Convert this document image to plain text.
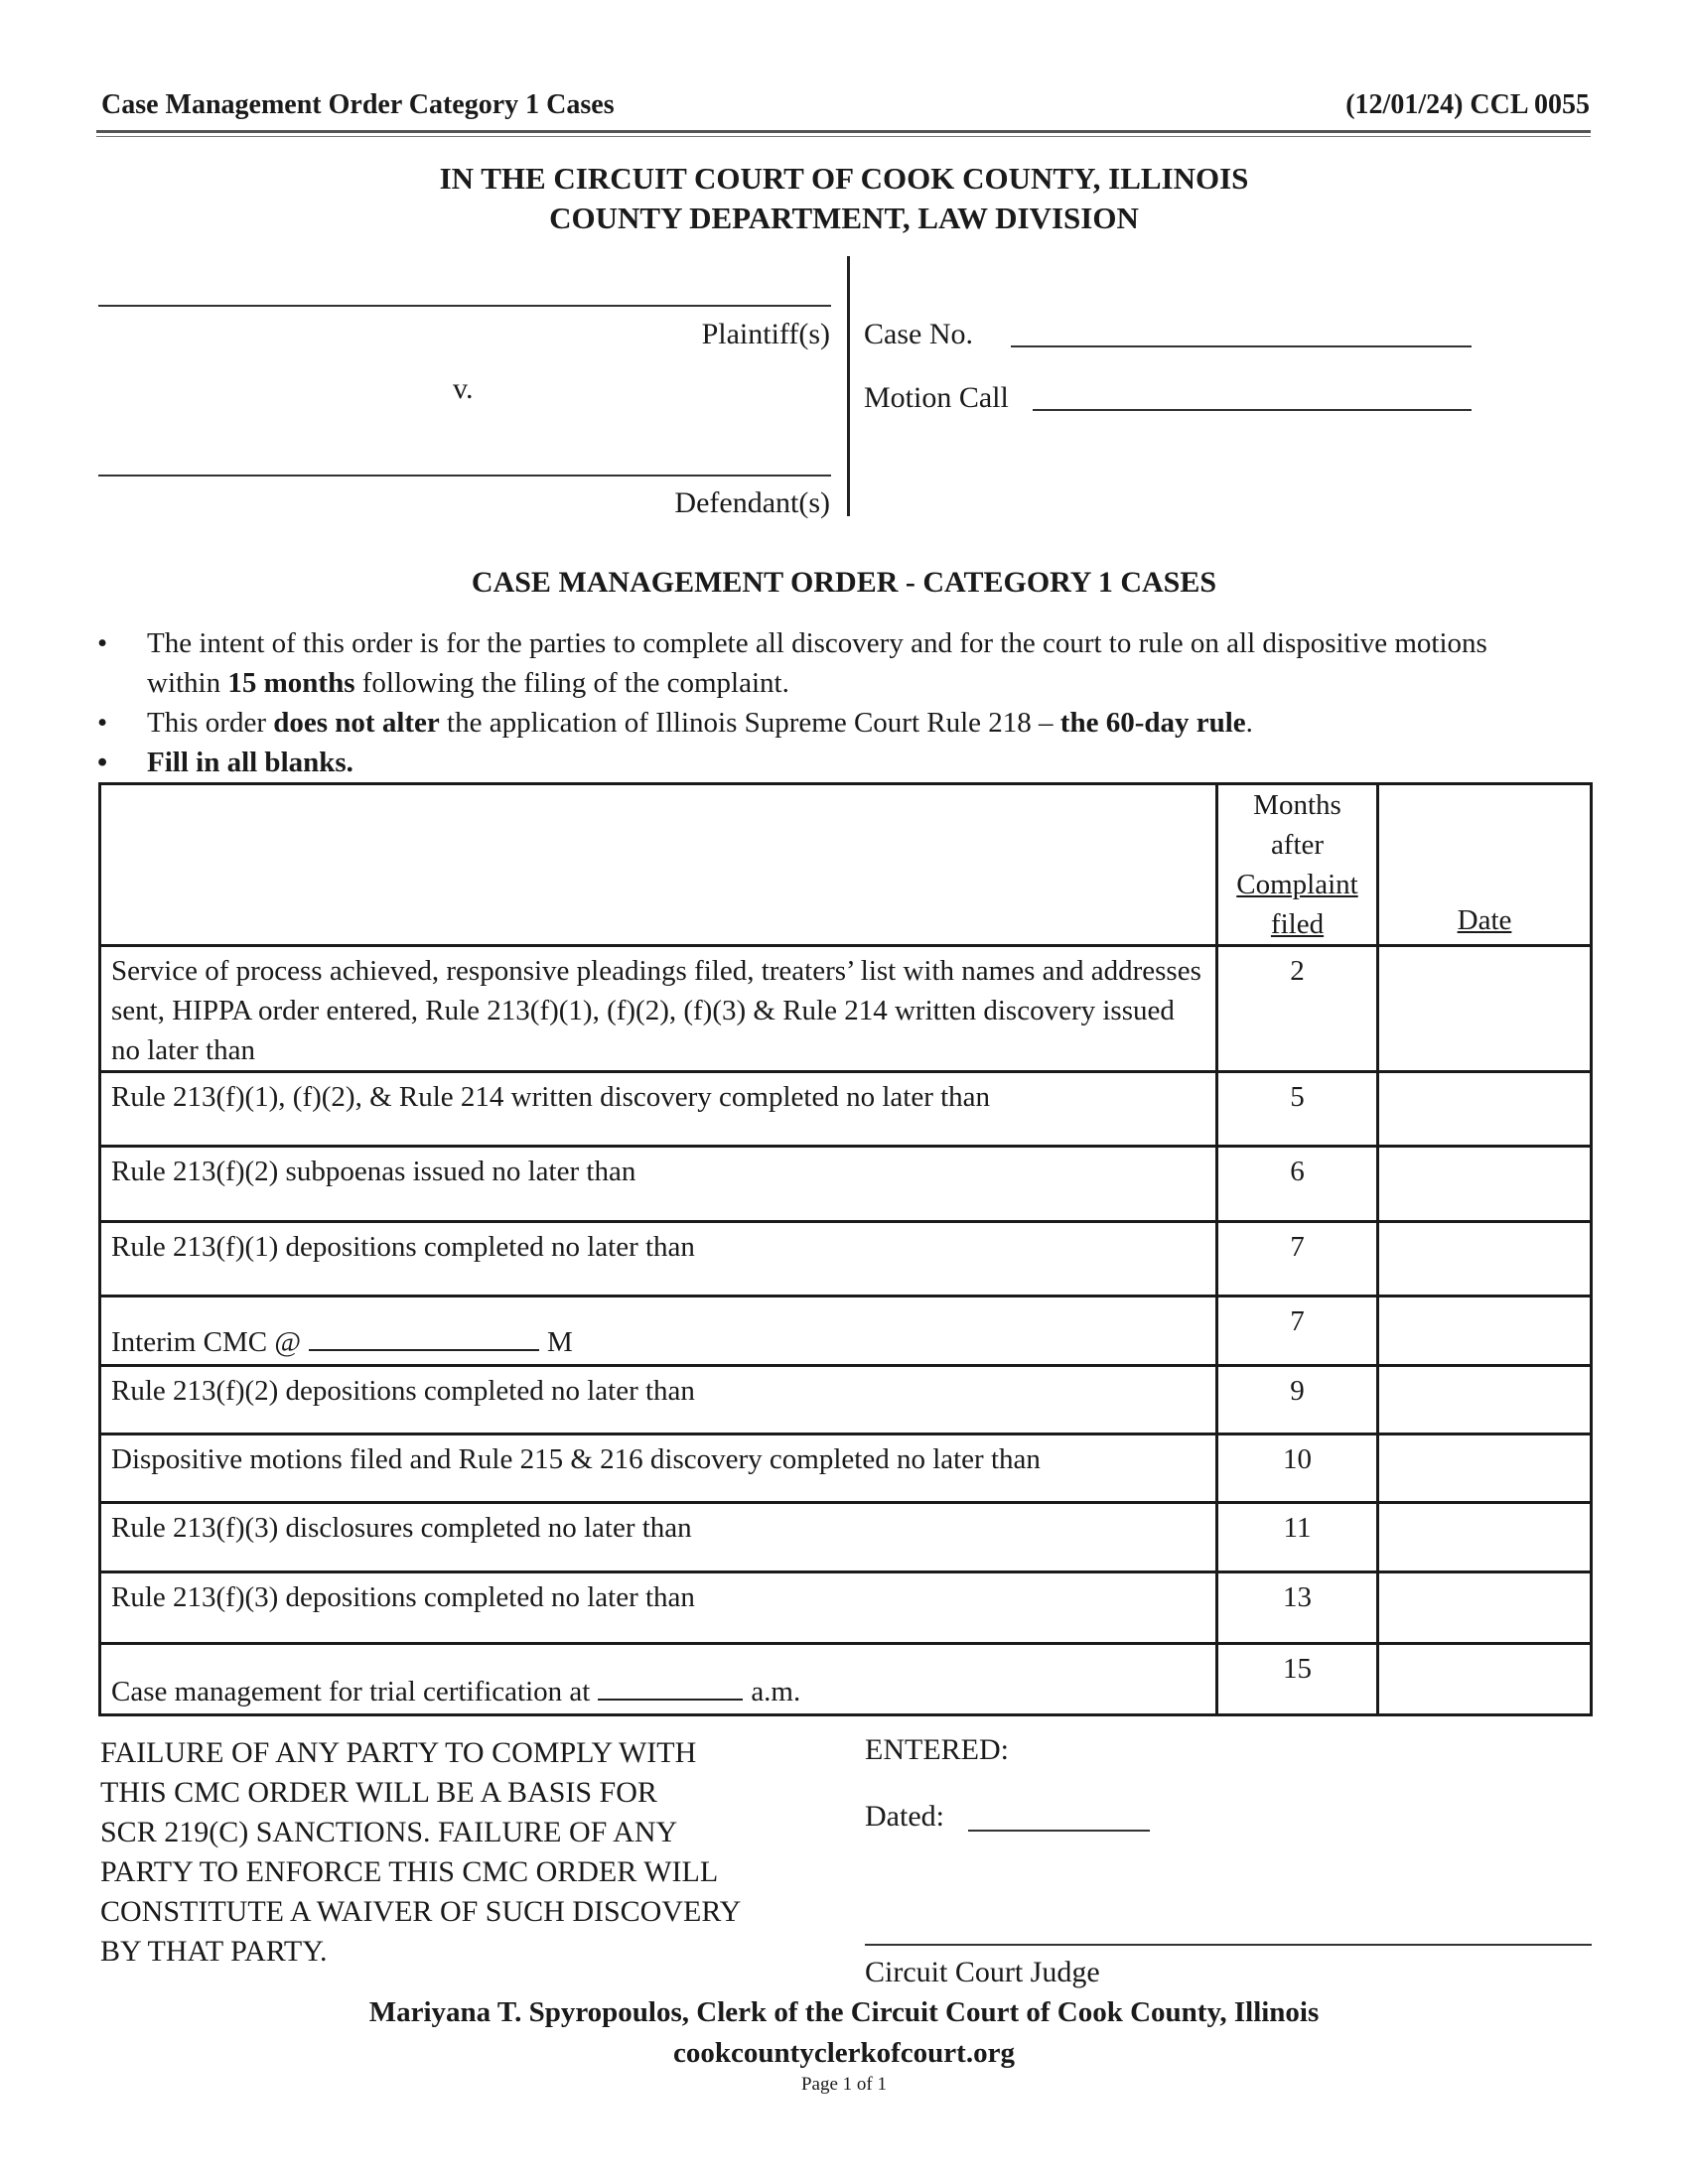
Case Management Order Category 1 Cases	(12/01/24) CCL 0055
IN THE CIRCUIT COURT OF COOK COUNTY, ILLINOIS
COUNTY DEPARTMENT, LAW DIVISION
Plaintiff(s)
v.
Defendant(s)
Case No.
Motion Call
CASE MANAGEMENT ORDER - CATEGORY 1 CASES
• The intent of this order is for the parties to complete all discovery and for the court to rule on all dispositive motions within 15 months following the filing of the complaint.
• This order does not alter the application of Illinois Supreme Court Rule 218 – the 60-day rule.
• Fill in all blanks.

	Months
after
Complaint
filed	Date
Service of process achieved, responsive pleadings filed, treaters’ list with names and addresses sent, HIPPA order entered, Rule 213(f)(1), (f)(2), (f)(3) & Rule 214 written discovery issued no later than	2	
Rule 213(f)(1), (f)(2), & Rule 214 written discovery completed no later than	5	
Rule 213(f)(2) subpoenas issued no later than	6	
Rule 213(f)(1) depositions completed no later than	7	
Interim CMC @ M	7	
Rule 213(f)(2) depositions completed no later than	9	
Dispositive motions filed and Rule 215 & 216 discovery completed no later than	10	
Rule 213(f)(3) disclosures completed no later than	11	
Rule 213(f)(3) depositions completed no later than	13	
Case management for trial certification at a.m.	15	
FAILURE OF ANY PARTY TO COMPLY WITH
THIS CMC ORDER WILL BE A BASIS FOR
SCR 219(C) SANCTIONS. FAILURE OF ANY
PARTY TO ENFORCE THIS CMC ORDER WILL
CONSTITUTE A WAIVER OF SUCH DISCOVERY
BY THAT PARTY.
ENTERED:
Dated:
Circuit Court Judge
Mariyana T. Spyropoulos, Clerk of the Circuit Court of Cook County, Illinois
cookcountyclerkofcourt.org
Page 1 of 1
